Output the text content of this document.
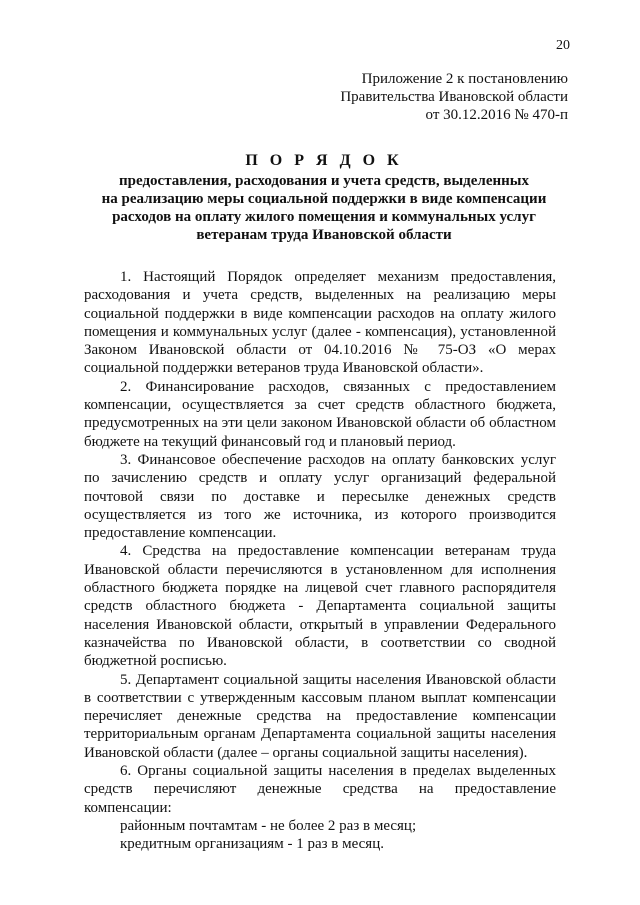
20
Приложение 2 к постановлению
Правительства Ивановской области
от 30.12.2016 № 470-п
П О Р Я Д О К
предоставления, расходования и учета средств, выделенных
на реализацию меры социальной поддержки в виде компенсации
расходов на оплату жилого помещения и коммунальных услуг
ветеранам труда Ивановской области

1. Настоящий Порядок определяет механизм предоставления, расходования и учета средств, выделенных на реализацию меры социальной поддержки в виде компенсации расходов на оплату жилого помещения и коммунальных услуг (далее - компенсация), установленной Законом Ивановской области от 04.10.2016 № 75-ОЗ «О мерах социальной поддержки ветеранов труда Ивановской области».

2. Финансирование расходов, связанных с предоставлением компенсации, осуществляется за счет средств областного бюджета, предусмотренных на эти цели законом Ивановской области об областном бюджете на текущий финансовый год и плановый период.

3. Финансовое обеспечение расходов на оплату банковских услуг по зачислению средств и оплату услуг организаций федеральной почтовой связи по доставке и пересылке денежных средств осуществляется из того же источника, из которого производится предоставление компенсации.

4. Средства на предоставление компенсации ветеранам труда Ивановской области перечисляются в установленном для исполнения областного бюджета порядке на лицевой счет главного распорядителя средств областного бюджета - Департамента социальной защиты населения Ивановской области, открытый в управлении Федерального казначейства по Ивановской области, в соответствии со сводной бюджетной росписью.

5. Департамент социальной защиты населения Ивановской области в соответствии с утвержденным кассовым планом выплат компенсации перечисляет денежные средства на предоставление компенсации территориальным органам Департамента социальной защиты населения Ивановской области (далее – органы социальной защиты населения).

6. Органы социальной защиты населения в пределах выделенных средств перечисляют денежные средства на предоставление компенсации:

районным почтамтам - не более 2 раз в месяц;

кредитным организациям - 1 раз в месяц.
